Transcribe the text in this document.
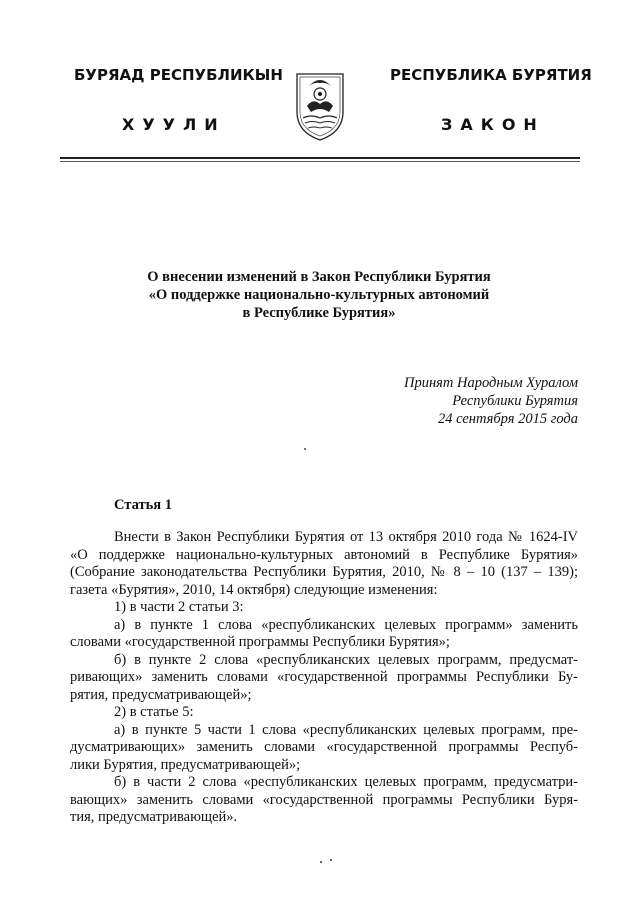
БУРЯАД РЕСПУБЛИКЫН	РЕСПУБЛИКА БУРЯТИЯ
ХУУЛИ	ЗАКОН
О внесении изменений в Закон Республики Бурятия
«О поддержке национально-культурных автономий
в Республике Бурятия»
Принят Народным Хуралом
Республики Бурятия
24 сентября 2015 года
Статья 1
Внести в Закон Республики Бурятия от 13 октября 2010 года № 1624-IV
«О поддержке национально-культурных автономий в Республике Бурятия»
(Собрание законодательства Республики Бурятия, 2010, № 8 – 10 (137 – 139);
газета «Бурятия», 2010, 14 октября) следующие изменения:
1) в части 2 статьи 3:
а) в пункте 1 слова «республиканских целевых программ» заменить
словами «государственной программы Республики Бурятия»;
б) в пункте 2 слова «республиканских целевых программ, предусмат-
ривающих» заменить словами «государственной программы Республики Бу-
рятия, предусматривающей»;
2) в статье 5:
а) в пункте 5 части 1 слова «республиканских целевых программ, пре-
дусматривающих» заменить словами «государственной программы Респуб-
лики Бурятия, предусматривающей»;
б) в части 2 слова «республиканских целевых программ, предусматри-
вающих» заменить словами «государственной программы Республики Буря-
тия, предусматривающей».
